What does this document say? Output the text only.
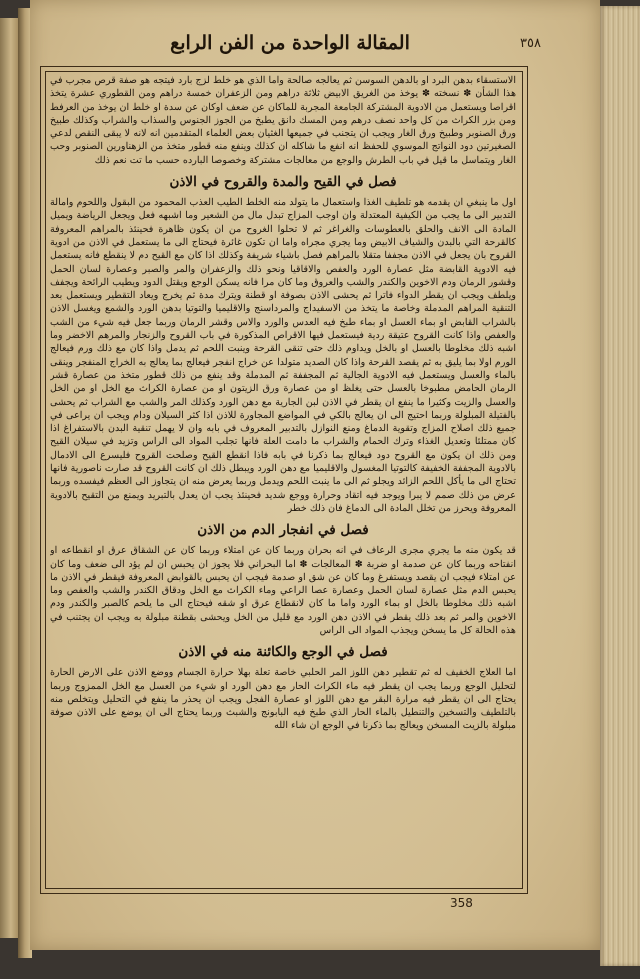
٣٥٨
المقالة الواحدة من الفن الرابع

الاستسقاء بدهن البرد او بالدهن السوسن ثم يعالجه صالحة واما الذي هو خلط لزج بارد فيتجه هو صفة قرص مجرب في هذا الشأن ✽ نسخته ✽ يوخذ من الغريق الابيض ثلاثة دراهم ومن الزعفران خمسة دراهم ومن القطوري عشرة يتخذ اقراصا ويستعمل من الادوية المشتركة الجامعة المجربة للماكان عن ضعف اوكان عن سدة او خلط ان يوخذ من العرفط ومن بزر الكراث من كل واحد نصف درهم ومن المسك دانق يطبخ من الجوز الجنوس والسذاب والشراب وكذلك طبيخ ورق الصنوبر وطبيخ ورق الغار ويجب ان يتجنب في جميعها الغثيان بعض العلماء المتقدمين انه لانه لا يبقى النقص لدعي الصغيرتين دود النواتج الموسوي للحفظ انه انفع ما شاكله ان كذلك وينفع منه قطور متخذ من الزهناورين الصنوبر وحب الغار ويتماسل ما قيل في باب الطرش والوجع من معالجات مشتركة وخصوصا البارده حسب ما تت نعم ذلك

فصل في القيح والمدة والقروح في الاذن

اول ما ينبغي ان يقدمه هو تلطيف الغذا واستعمال ما يتولد منه الخلط الطيب العذب المحمود من البقول واللحوم وامالة التدبير الى ما يجب من الكيفية المعتدلة وان اوجب المزاج تبدل مال من الشعير وما اشبهه فعل ويجعل الرياضة ويميل المادة الى الانف والحلق بالعطوسات والغراغر ثم لا تحلوا الغروح من ان يكون ظاهرة فحينئذ بالمراهم المعروفة كالقرحة التي بالبدن والشياف الابيض وما يجري مجراه واما ان تكون غائرة فيحتاج الى ما يستعمل في الاذن من ادوية القروح بان يجعل في الاذن مجففا متقلا بالمراهم فصل باشياء شريفة وكذلك اذا كان مع القيح دم لا ينقطع فانه يستعمل فيه الادوية القابضة مثل عصارة الورد والعفص والاقاقيا ونحو ذلك والزعفران والمر والصبر وعصارة لسان الحمل وقشور الرمان ودم الاخوين والكندر والشب والعروق وما كان مرا فانه يسكن الوجع ويقتل الدود ويطيب الرائحة ويجفف ويلطف ويجب ان يقطر الدواء فاترا ثم يحشى الاذن بصوفة او قطنة ويترك مدة ثم يخرج ويعاد التقطير ويستعمل بعد التنقية المراهم المدملة وخاصة ما يتخذ من الاسفيداج والمرداسنج والاقليميا والتوتيا بدهن الورد والشمع ويغسل الاذن بالشراب القابض او بماء العسل او بماء طبخ فيه العدس والورد والاس وقشر الرمان وربما جعل فيه شيء من الشب والعفص واذا كانت القروح عتيقة ردية فيستعمل فيها الاقراص المذكورة في باب القروح والزنجار والمرهم الاخضر وما اشبه ذلك مخلوطا بالعسل او بالخل ويداوم ذلك حتى تنقى القرحة وينبت اللحم ثم يدمل واذا كان مع ذلك ورم فيعالج الورم اولا بما يليق به ثم يقصد القرحة واذا كان الصديد متولدا عن خراج انفجر فيعالج بما يعالج به الخراج المنفجر وينقى بالماء والعسل ويستعمل فيه الادوية الجالية ثم المجففة ثم المدملة وقد ينفع من ذلك قطور متخذ من عصارة قشر الرمان الحامض مطبوخا بالعسل حتى يغلظ او من عصارة ورق الزيتون او من عصارة الكراث مع الخل او من الخل والعسل والزيت وكثيرا ما ينفع ان يقطر في الاذن لبن الجارية مع دهن الورد وكذلك المر والشب مع الشراب ثم يحشى بالفتيلة المبلولة وربما احتيج الى ان يعالج بالكي في المواضع المجاورة للاذن اذا كثر السيلان ودام ويجب ان يراعى في جميع ذلك اصلاح المزاج وتقوية الدماغ ومنع النوازل بالتدبير المعروف في بابه وان لا يهمل تنقية البدن بالاستفراغ اذا كان ممتلئا وتعديل الغذاء وترك الحمام والشراب ما دامت العلة فانها تجلب المواد الى الراس وتزيد في سيلان القيح ومن ذلك ان يكون مع القروح دود فيعالج بما ذكرنا في بابه فاذا انقطع القيح وصلحت القروح فليسرع الى الادمال بالادوية المجففة الخفيفة كالتوتيا المغسول والاقليميا مع دهن الورد ويبطل ذلك ان كانت القروح قد صارت ناصورية فانها تحتاج الى ما يأكل اللحم الزائد ويجلو ثم الى ما ينبت اللحم ويدمل وربما يعرض منه ان يتجاوز الى العظم فيفسده وربما عرض من ذلك صمم لا يبرا ويوجد فيه اتقاد وحرارة ووجع شديد فحينئذ يجب ان يعدل بالتبريد ويمنع من التقيح بالادوية المعروفة ويحرز من تخلل المادة الى الدماغ فان ذلك خطر

فصل في انفجار الدم من الاذن

قد يكون منه ما يجري مجرى الرعاف في انه بحران وربما كان عن امتلاء وربما كان عن الشقاق عرق او انقطاعه او انفتاحه وربما كان عن صدمة او ضربة ✽ المعالجات ✽ اما البحراني فلا يجوز ان يحبس ان لم يؤد الى ضعف وما كان عن امتلاء فيجب ان يقصد ويستفرغ وما كان عن شق او صدمة فيجب ان يحبس بالقوابض المعروفة فيقطر في الاذن ما يحبس الدم مثل عصارة لسان الحمل وعصارة عصا الراعي وماء الكراث مع الخل ودقاق الكندر والشب والعفص وما اشبه ذلك مخلوطا بالخل او بماء الورد واما ما كان لانقطاع عرق او شقه فيحتاج الى ما يلحم كالصبر والكندر ودم الاخوين والمر ثم بعد ذلك يقطر في الاذن دهن الورد مع قليل من الخل ويحشى بقطنة مبلولة به ويجب ان يجتنب في هذه الحالة كل ما يسخن ويجذب المواد الى الراس

فصل في الوجع والكائنة منه في الاذن

اما العلاج الخفيف له ثم تقطير دهن اللوز المر الحلبي خاصة تعلة بهلا حرارة الجسام ووضع الاذن على الارض الحارة لتحليل الوجع وربما يجب ان يقطر فيه ماء الكراث الحار مع دهن الورد او شيء من العسل مع الخل الممزوج وربما يحتاج الى ان يقطر فيه مرارة البقر مع دهن اللوز او عصارة الفجل ويجب ان يحذر ما ينفع في التحليل ويتخلص منه بالتلطيف والتسخين والتنطيل بالماء الحار الذي طبخ فيه البابونج والشبث وربما يحتاج الى ان يوضع على الاذن صوفة مبلولة بالزيت المسخن ويعالج بما ذكرنا في الوجع ان شاء الله

358
